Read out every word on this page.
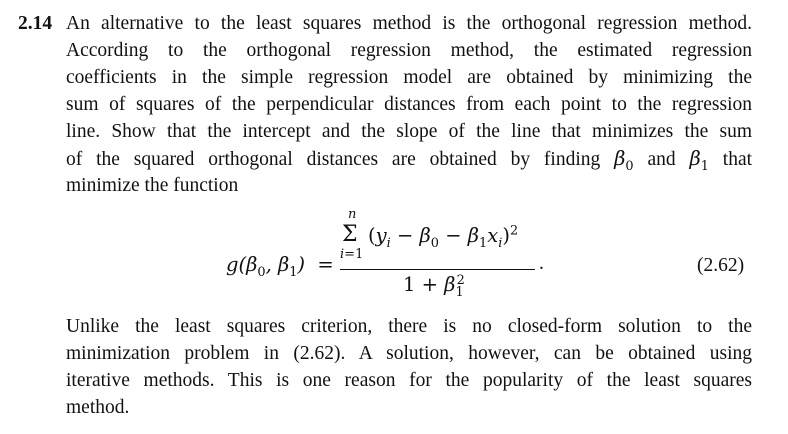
2.14 An alternative to the least squares method is the orthogonal regression method.
According to the orthogonal regression method, the estimated regression
coefficients in the simple regression model are obtained by minimizing the
sum of squares of the perpendicular distances from each point to the regression
line. Show that the intercept and the slope of the line that minimizes the sum
of the squared orthogonal distances are obtained by finding $\beta_0$ and $\beta_1$ that
minimize the function
$g(\beta_0$, $\beta_1$)  =
n
Σ
i=1
$(y_i - \beta_0 - \beta_1x_i)^2$
.
$1 + \beta_1^2$
(2.62)
Unlike the least squares criterion, there is no closed-form solution to the
minimization problem in (2.62). A solution, however, can be obtained using
iterative methods. This is one reason for the popularity of the least squares
method.
